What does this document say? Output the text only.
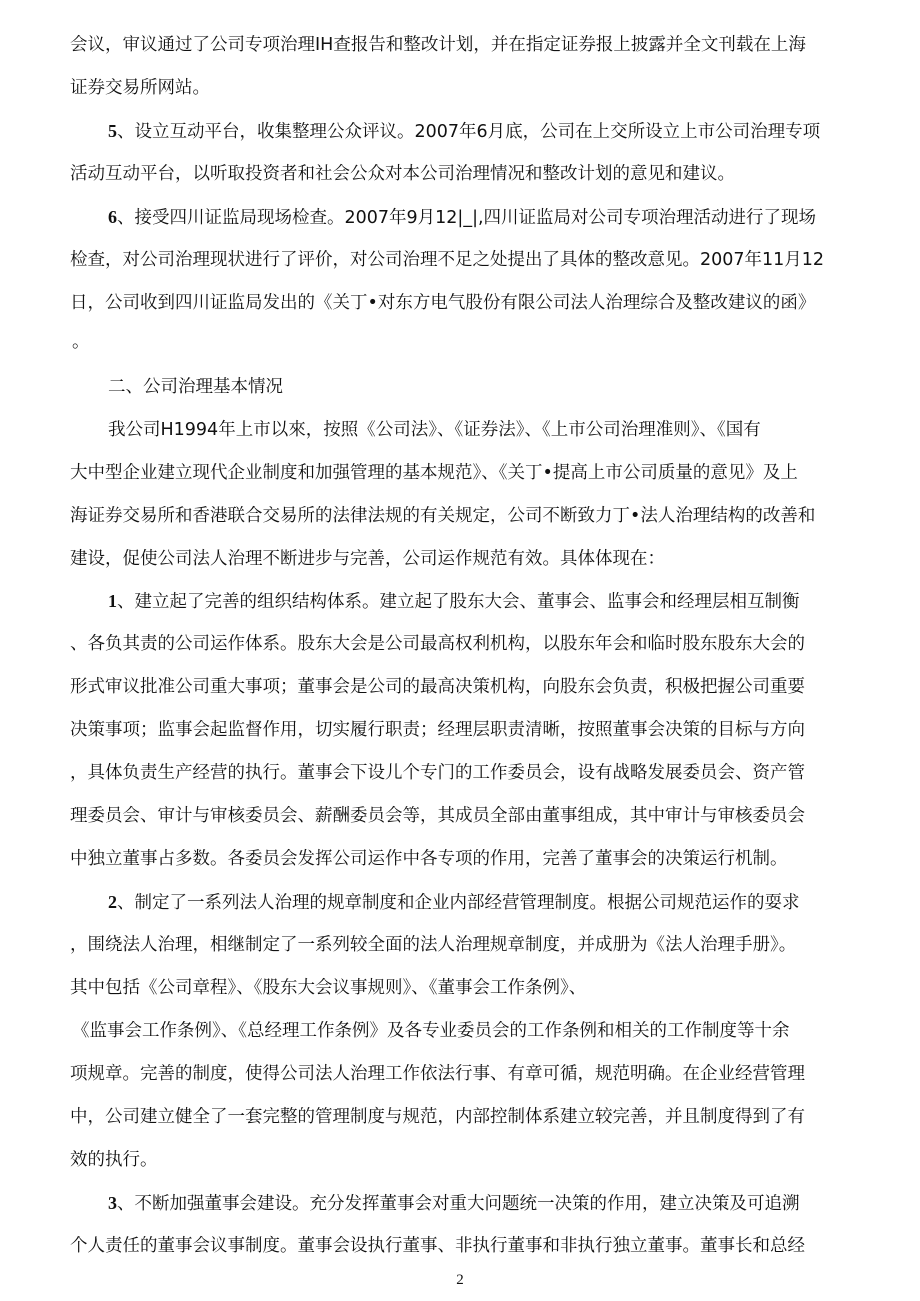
会议，审议通过了公司专项治理IH查报告和整改计划，并在指定证券报上披露并全文刊载在上海
证券交易所网站。
5、设立互动平台，收集整理公众评议。2007年6月底，公司在上交所设立上市公司治理专项
活动互动平台，以听取投资者和社会公众对本公司治理情况和整改计划的意见和建议。
6、接受四川证监局现场检查。2007年9月12|_|,四川证监局对公司专项治理活动进行了现场
检查，对公司治理现状进行了评价，对公司治理不足之处提出了具体的整改意见。2007年11月12
日，公司收到四川证监局发出的《关丁•对东方电气股份有限公司法人治理综合及整改建议的函》
。
二、公司治理基本情况
我公司H1994年上市以來，按照《公司法》、《证券法》、《上市公司治理准则》、《国有
大中型企业建立现代企业制度和加强管理的基本规范》、《关丁•提高上市公司质量的意见》及上
海证券交易所和香港联合交易所的法律法规的有关规定，公司不断致力丁•法人治理结构的改善和
建设，促使公司法人治理不断进步与完善，公司运作规范有效。具体体现在：
1、建立起了完善的组织结构体系。建立起了股东大会、董事会、监事会和经理层相互制衡
、各负其责的公司运作体系。股东大会是公司最高权利机构，以股东年会和临时股东股东大会的
形式审议批准公司重大事项；董事会是公司的最高决策机构，向股东会负责，积极把握公司重要
决策事项；监事会起监督作用，切实履行职责；经理层职责清晰，按照董事会决策的目标与方向
，具体负责生产经营的执行。董事会下设儿个专门的工作委员会，设有战略发展委员会、资产管
理委员会、审计与审核委员会、薪酬委员会等，其成员全部由董事组成，其中审计与审核委员会
中独立董事占多数。各委员会发挥公司运作中各专项的作用，完善了董事会的决策运行机制。
2、制定了一系列法人治理的规章制度和企业内部经营管理制度。根据公司规范运作的耍求
，围绕法人治理，相继制定了一系列较全面的法人治理规章制度，并成册为《法人治理手册》。
其中包括《公司章程》、《股东大会议事规则》、《董事会工作条例》、
《监事会工作条例》、《总经理工作条例》及各专业委员会的工作条例和相关的工作制度等十余
项规章。完善的制度，使得公司法人治理工作依法行事、有章可循，规范明确。在企业经营管理
中，公司建立健全了一套完整的管理制度与规范，内部控制体系建立较完善，并且制度得到了有
效的执行。
3、不断加强董事会建设。充分发挥董事会对重大问题统一决策的作用，建立决策及可追溯
个人责任的董事会议事制度。董事会设执行董事、非执行董事和非执行独立董事。董事长和总经
2
